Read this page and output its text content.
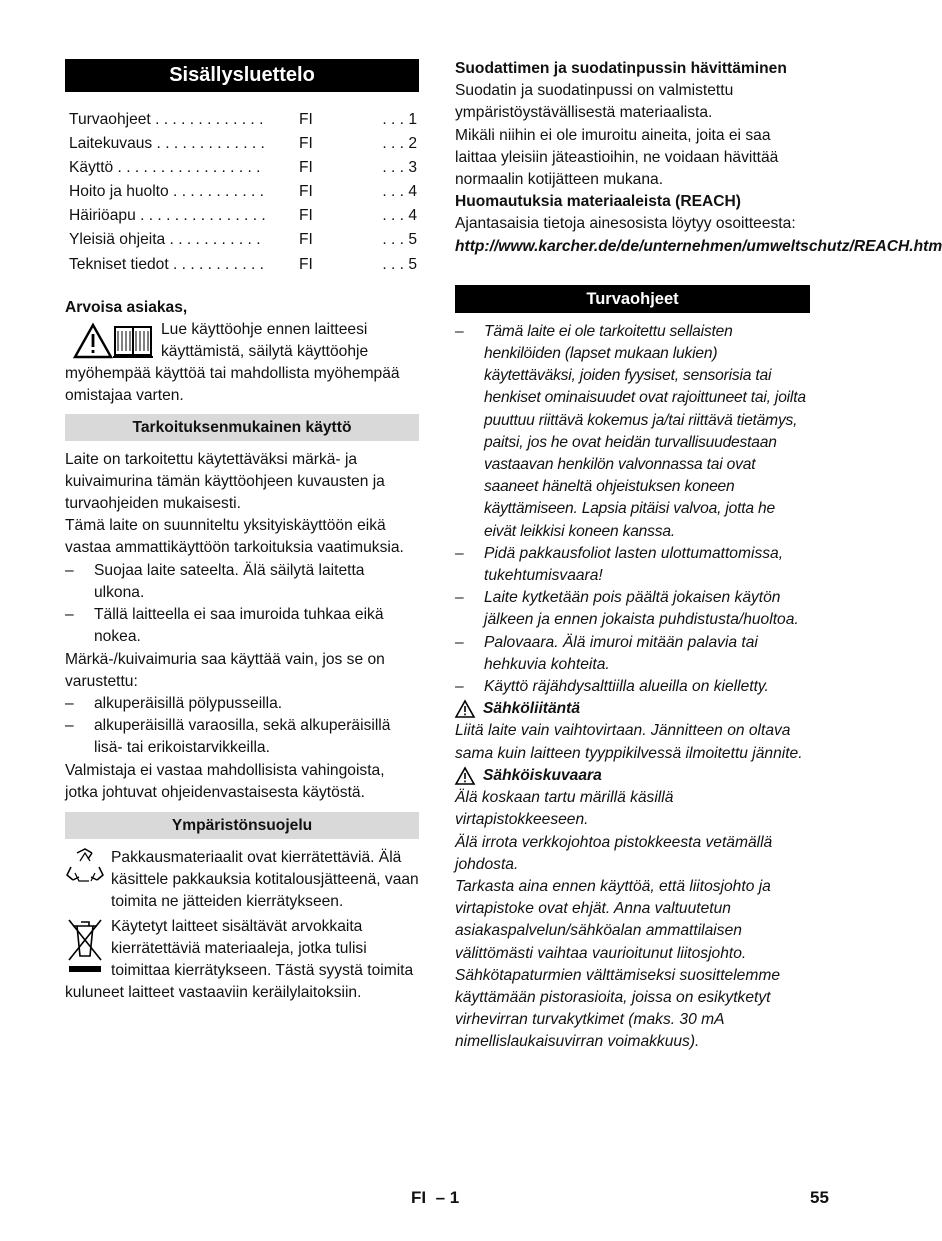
Sisällysluettelo
Turvaohjeet . . . . . . . . . . . . .	FI	. . . 1
Laitekuvaus . . . . . . . . . . . . .	FI	. . . 2
Käyttö . . . . . . . . . . . . . . . . .	FI	. . . 3
Hoito ja huolto . . . . . . . . . . .	FI	. . . 4
Häiriöapu . . . . . . . . . . . . . . .	FI	. . . 4
Yleisiä ohjeita . . . . . . . . . . .	FI	. . . 5
Tekniset tiedot . . . . . . . . . . .	FI	. . . 5
Arvoisa asiakas,

Lue käyttöohje ennen laitteesi

käyttämistä, säilytä käyttöohje

myöhempää käyttöä tai mahdollista myöhempää omistajaa varten.

Tarkoituksenmukainen käyttö

Laite on tarkoitettu käytettäväksi märkä- ja kuivaimurina tämän käyttöohjeen kuvausten ja turvaohjeiden mukaisesti.

Tämä laite on suunniteltu yksityiskäyttöön eikä vastaa ammattikäyttöön tarkoituksia vaatimuksia.

–	Suojaa laite sateelta. Älä säilytä laitetta ulkona.
–	Tällä laitteella ei saa imuroida tuhkaa eikä nokea.

Märkä-/kuivaimuria saa käyttää vain, jos se on varustettu:

–	alkuperäisillä pölypusseilla.
–	alkuperäisillä varaosilla, sekä alkuperäisillä lisä- tai erikoistarvikkeilla.

Valmistaja ei vastaa mahdollisista vahingoista, jotka johtuvat ohjeidenvastaisesta käytöstä.

Ympäristönsuojelu

Pakkausmateriaalit ovat kierrätettäviä. Älä käsittele pakkauksia kotitalousjätteenä, vaan toimita ne jätteiden kierrätykseen.

Käytetyt laitteet sisältävät arvokkaita kierrätettäviä materiaaleja, jotka tulisi toimittaa kierrätykseen. Tästä syystä toimita kuluneet laitteet vastaaviin keräilylaitoksiin.

Suodattimen ja suodatinpussin hävittäminen

Suodatin ja suodatinpussi on valmistettu ympäristöystävällisestä materiaalista.

Mikäli niihin ei ole imuroitu aineita, joita ei saa laittaa yleisiin jäteastioihin, ne voidaan hävittää normaalin kotijätteen mukana.

Huomautuksia materiaaleista (REACH)

Ajantasaisia tietoja ainesosista löytyy osoitteesta:

http://www.karcher.de/de/unternehmen/umweltschutz/REACH.htm

Turvaohjeet
–	Tämä laite ei ole tarkoitettu sellaisten henkilöiden (lapset mukaan lukien) käytettäväksi, joiden fyysiset, sensorisia tai henkiset ominaisuudet ovat rajoittuneet tai, joilta puuttuu riittävä kokemus ja/tai riittävä tietämys, paitsi, jos he ovat heidän turvallisuudestaan vastaavan henkilön valvonnassa tai ovat saaneet häneltä ohjeistuksen koneen käyttämiseen. Lapsia pitäisi valvoa, jotta he eivät leikkisi koneen kanssa.
–	Pidä pakkausfoliot lasten ulottumattomissa, tukehtumisvaara!
–	Laite kytketään pois päältä jokaisen käytön jälkeen ja ennen jokaista puhdistusta/huoltoa.
–	Palovaara. Älä imuroi mitään palavia tai hehkuvia kohteita.
–	Käyttö räjähdysalttiilla alueilla on kielletty.
Sähköliitäntä

Liitä laite vain vaihtovirtaan. Jännitteen on oltava sama kuin laitteen tyyppikilvessä ilmoitettu jännite.

Sähköiskuvaara

Älä koskaan tartu märillä käsillä virtapistokkeeseen.

Älä irrota verkkojohtoa pistokkeesta vetämällä johdosta.

Tarkasta aina ennen käyttöä, että liitosjohto ja virtapistoke ovat ehjät. Anna valtuutetun asiakaspalvelun/sähköalan ammattilaisen välittömästi vaihtaa vaurioitunut liitosjohto.

Sähkötapaturmien välttämiseksi suosittelemme käyttämään pistorasioita, joissa on esikytketyt virhevirran turvakytkimet (maks. 30 mA nimellislaukaisuvirran voimakkuus).

FI – 1	55
